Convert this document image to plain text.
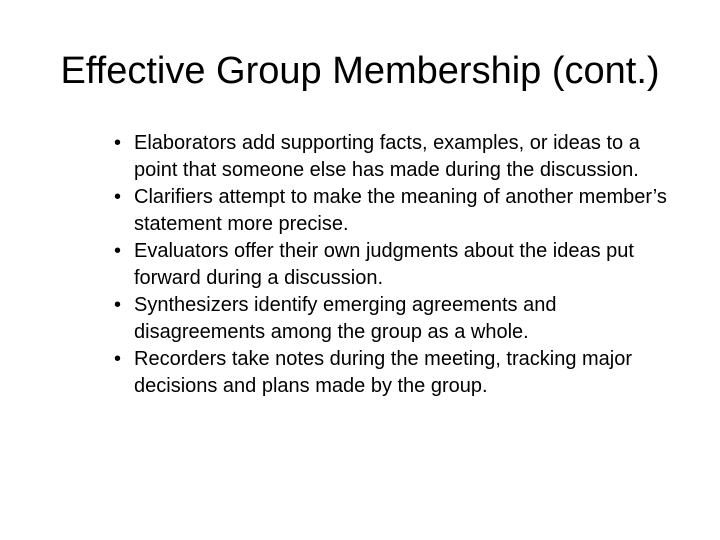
Effective Group Membership (cont.)
• Elaborators add supporting facts, examples, or ideas to a point that someone else has made during the discussion.
• Clarifiers attempt to make the meaning of another member’s statement more precise.
• Evaluators offer their own judgments about the ideas put forward during a discussion.
• Synthesizers identify emerging agreements and disagreements among the group as a whole.
• Recorders take notes during the meeting, tracking major decisions and plans made by the group.
